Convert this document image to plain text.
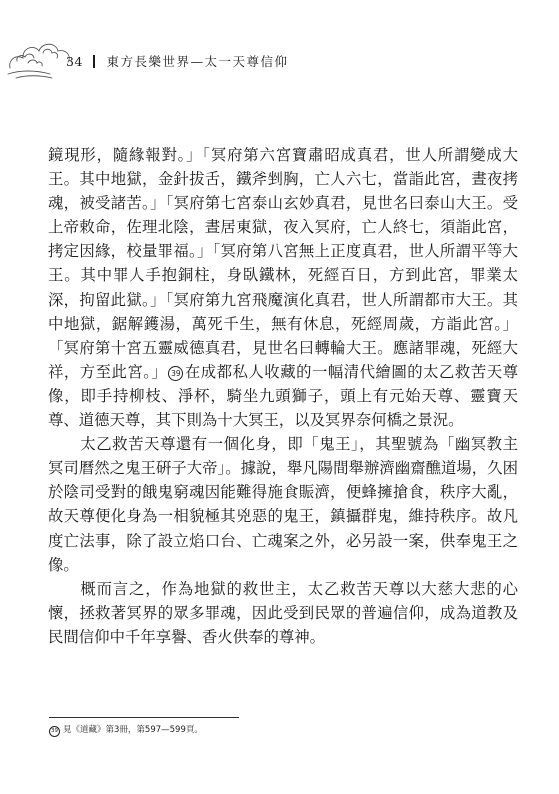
34 東方長樂世界—太一天尊信仰

鏡現形，隨緣報對。」「冥府第六宮寶肅昭成真君，世人所謂變成大王。其中地獄，金針拔舌，鐵斧剉胸，亡人六七，當詣此宮，晝夜拷魂，被受諸苦。」「冥府第七宮泰山玄妙真君，見世名曰泰山大王。受上帝敕命，佐理北陰，晝居東獄，夜入冥府，亡人終七，須詣此宮，拷定因緣，校量罪福。」「冥府第八宮無上正度真君，世人所謂平等大王。其中罪人手抱銅柱，身臥鐵林，死經百日，方到此宮，罪業太深，拘留此獄。」「冥府第九宮飛魔演化真君，世人所謂都市大王。其中地獄，鋸解鑊湯，萬死千生，無有休息，死經周歲，方詣此宮。」「冥府第十宮五靈威德真君，見世名曰轉輪大王。應諸罪魂，死經大祥，方至此宮。」 39 在成都私人收藏的一幅清代繪圖的太乙救苦天尊像，即手持柳枝、淨杯，騎坐九頭獅子，頭上有元始天尊、靈寶天尊、道德天尊，其下則為十大冥王，以及冥界奈何橋之景況。

太乙救苦天尊還有一個化身，即「鬼王」，其聖號為「幽冥教主冥司曆然之鬼王硏子大帝」。據說，舉凡陽間舉辦濟幽齋醮道場，久困於陰司受對的餓鬼窮魂因能難得施食賑濟，便蜂擁搶食，秩序大亂，故天尊便化身為一相貌極其兇惡的鬼王，鎮攝群鬼，維持秩序。故凡度亡法事，除了設立焰口台、亡魂案之外，必另設一案，供奉鬼王之像。

概而言之，作為地獄的救世主，太乙救苦天尊以大慈大悲的心懷，拯救著冥界的眾多罪魂，因此受到民眾的普遍信仰，成為道教及民間信仰中千年享譽、香火供奉的尊神。

39 見《道藏》第3冊，第597—599頁。
